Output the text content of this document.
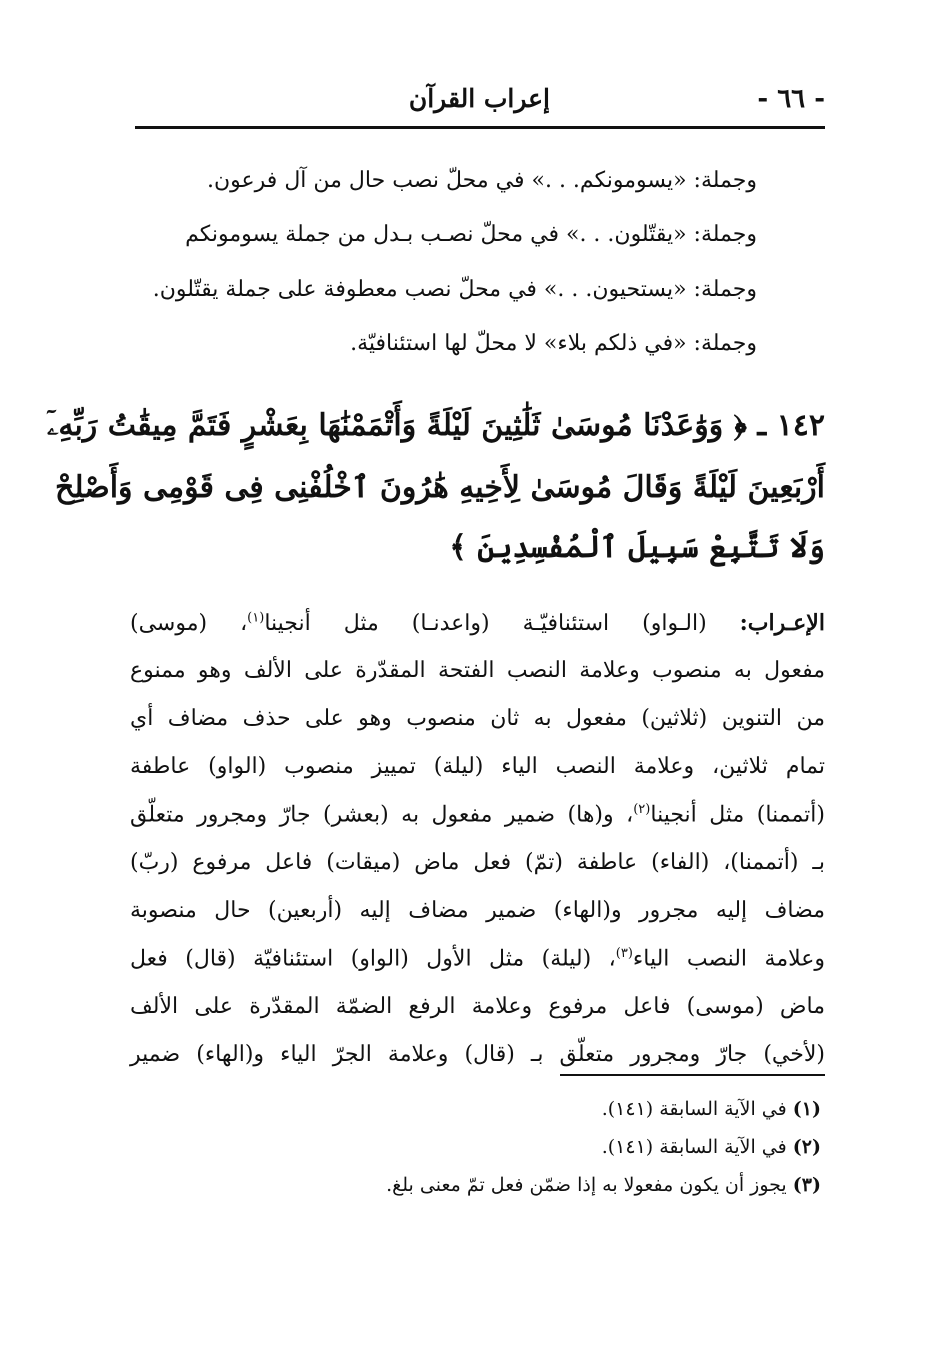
- ٦٦ -
إعراب القرآن
وجملة: «يسومونكم. . .» في محلّ نصب حال من آل فرعون.
وجملة: «يقتّلون. . .» في محلّ نصـب بـدل من جملة يسومونكم
وجملة: «يستحيون. . .» في محلّ نصب معطوفة على جملة يقتّلون.
وجملة: «في ذلكم بلاء» لا محلّ لها استئنافيّة.
١٤٢ ـ ﴿ وَوَٰعَدْنَا مُوسَىٰ ثَلَٰثِينَ لَيْلَةً وَأَتْمَمْنَٰهَا بِعَشْرٍ فَتَمَّ مِيقَٰتُ رَبِّهِۦٓ
أَرْبَعِينَ لَيْلَةً وَقَالَ مُوسَىٰ لِأَخِيهِ هَٰرُونَ ٱخْلُفْنِى فِى قَوْمِى وَأَصْلِحْ
وَلَا تَتَّبِعْ سَبِيلَ ٱلْمُفْسِدِينَ ﴾
الإعـراب: (الـواو) استئنافيّـة (واعدنـا) مثل أنجينا$^{(١)}$، (موسى)
مفعول به منصوب وعلامة النصب الفتحة المقدّرة على الألف وهو ممنوع
من التنوين (ثلاثين) مفعول به ثان منصوب وهو على حذف مضاف أي
تمام ثلاثين، وعلامة النصب الياء (ليلة) تمييز منصوب (الواو) عاطفة
(أتممنا) مثل أنجينا$^{(٢)}$، و(ها) ضمير مفعول به (بعشر) جارّ ومجرور متعلّق
بـ (أتممنا)، (الفاء) عاطفة (تمّ) فعل ماض (ميقات) فاعل مرفوع (ربّ)
مضاف إليه مجرور و(الهاء) ضمير مضاف إليه (أربعين) حال منصوبة
وعلامة النصب الياء$^{(٣)}$، (ليلة) مثل الأول (الواو) استئنافيّة (قال) فعل
ماض (موسى) فاعل مرفوع وعلامة الرفع الضمّة المقدّرة على الألف
(لأخي) جارّ ومجرور متعلّق بـ (قال) وعلامة الجرّ الياء و(الهاء) ضمير
(١) في الآية السابقة (١٤١).
(٢) في الآية السابقة (١٤١).
(٣) يجوز أن يكون مفعولا به إذا ضمّن فعل تمّ معنى بلغ.
